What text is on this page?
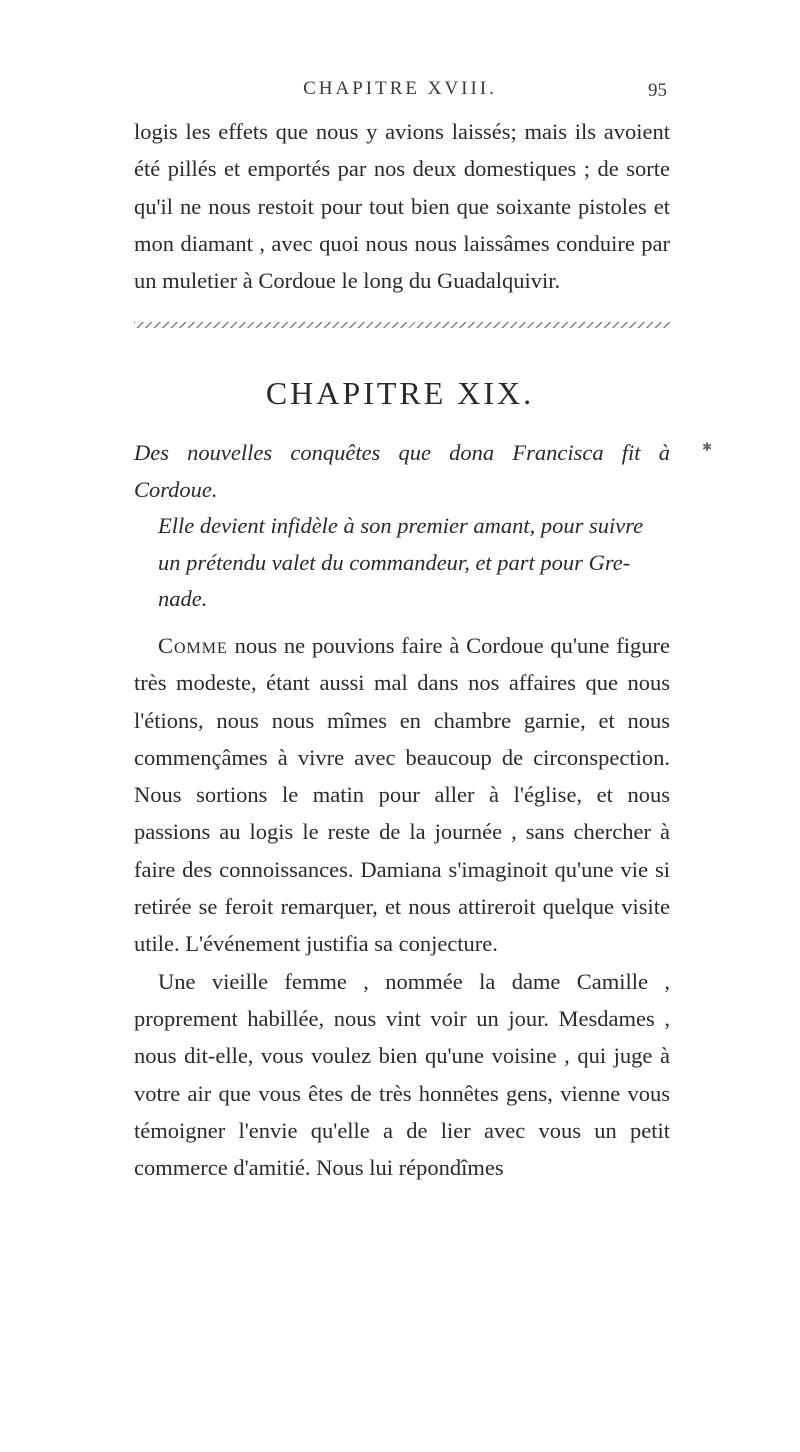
CHAPITRE XVIII.	95

logis les effets que nous y avions laissés; mais ils avoient été pillés et emportés par nos deux domestiques ; de sorte qu'il ne nous restoit pour tout bien que soixante pistoles et mon diamant , avec quoi nous nous laissâmes conduire par un muletier à Cordoue le long du Guadalquivir.

CHAPITRE XIX.
✱
Des nouvelles conquêtes que dona Francisca fit à Cordoue.
Elle devient infidèle à son premier amant, pour suivre
un prétendu valet du commandeur, et part pour Gre-
nade.

Comme nous ne pouvions faire à Cordoue qu'une figure très modeste, étant aussi mal dans nos affaires que nous l'étions, nous nous mîmes en chambre garnie, et nous commençâmes à vivre avec beaucoup de circonspection. Nous sortions le matin pour aller à l'église, et nous passions au logis le reste de la journée , sans chercher à faire des connoissances. Damiana s'imaginoit qu'une vie si retirée se feroit remarquer, et nous attireroit quelque visite utile. L'événement justifia sa conjecture.

Une vieille femme , nommée la dame Camille , proprement habillée, nous vint voir un jour. Mesdames , nous dit-elle, vous voulez bien qu'une voisine , qui juge à votre air que vous êtes de très honnêtes gens, vienne vous témoigner l'envie qu'elle a de lier avec vous un petit commerce d'amitié. Nous lui répondîmes
